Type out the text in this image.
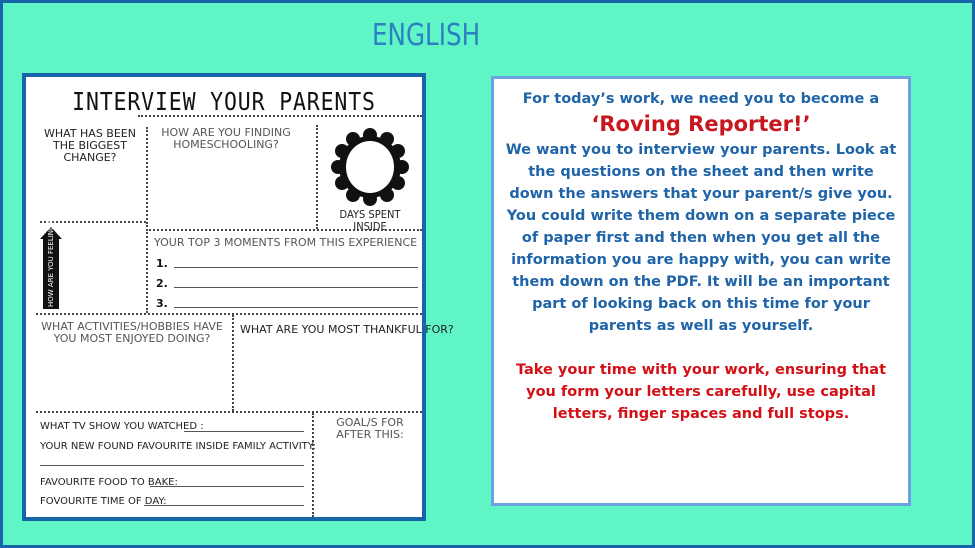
ENGLISH
INTERVIEW YOUR PARENTS
WHAT HAS BEEN THE BIGGEST CHANGE?
HOW ARE YOU FINDING HOMESCHOOLING?
DAYS SPENT INSIDE
HOW ARE YOU FEELING?	YOUR TOP 3 MOMENTS FROM THIS EXPERIENCE
1.
2.
3.
WHAT ACTIVITIES/HOBBIES HAVE YOU MOST ENJOYED DOING?
WHAT ARE YOU MOST THANKFUL FOR?
WHAT TV SHOW YOU WATCHED :
YOUR NEW FOUND FAVOURITE INSIDE FAMILY ACTIVITY:
FAVOURITE FOOD TO BAKE:
FOVOURITE TIME OF DAY:
GOAL/S FOR AFTER THIS:

For today’s work, we need you to become a

‘Roving Reporter!’

We want you to interview your parents. Look at the questions on the sheet and then write down the answers that your parent/s give you.

You could write them down on a separate piece of paper first and then when you get all the information you are happy with, you can write them down on the PDF. It will be an important part of looking back on this time for your parents as well as yourself.

Take your time with your work, ensuring that you form your letters carefully, use capital letters, finger spaces and full stops.
